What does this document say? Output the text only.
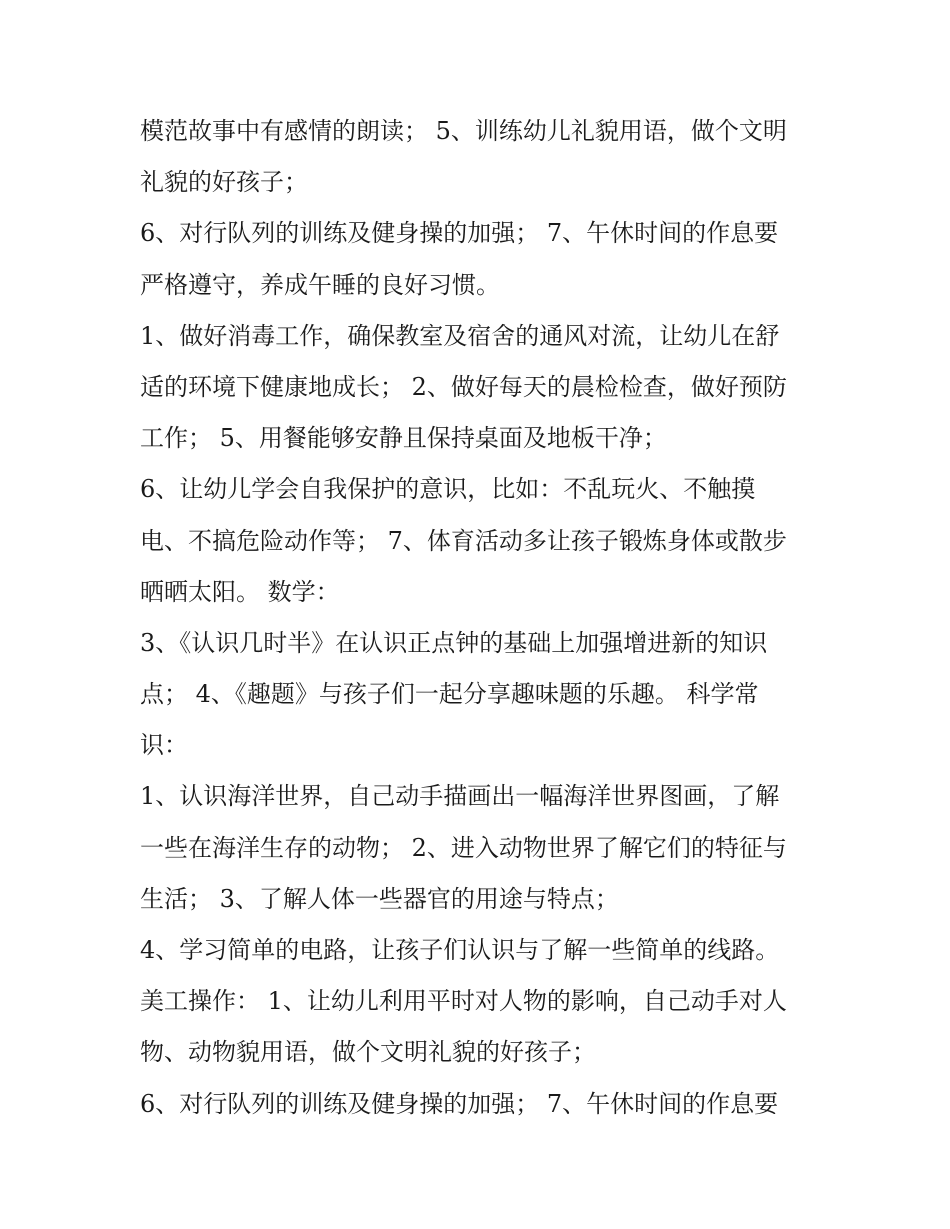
模范故事中有感情的朗读； 5、训练幼儿礼貌用语，做个文明
礼貌的好孩子；
6、对行队列的训练及健身操的加强； 7、午休时间的作息要
严格遵守，养成午睡的良好习惯。
1、做好消毒工作，确保教室及宿舍的通风对流，让幼儿在舒
适的环境下健康地成长； 2、做好每天的晨检检查，做好预防
工作； 5、用餐能够安静且保持桌面及地板干净；
6、让幼儿学会自我保护的意识，比如：不乱玩火、不触摸
电、不搞危险动作等； 7、体育活动多让孩子锻炼身体或散步
晒晒太阳。 数学：
3、《认识几时半》在认识正点钟的基础上加强增进新的知识
点； 4、《趣题》与孩子们一起分享趣味题的乐趣。 科学常
识：
1、认识海洋世界，自己动手描画出一幅海洋世界图画，了解
一些在海洋生存的动物； 2、进入动物世界了解它们的特征与
生活； 3、了解人体一些器官的用途与特点；
4、学习简单的电路，让孩子们认识与了解一些简单的线路。
美工操作： 1、让幼儿利用平时对人物的影响，自己动手对人
物、动物貌用语，做个文明礼貌的好孩子；
6、对行队列的训练及健身操的加强； 7、午休时间的作息要
